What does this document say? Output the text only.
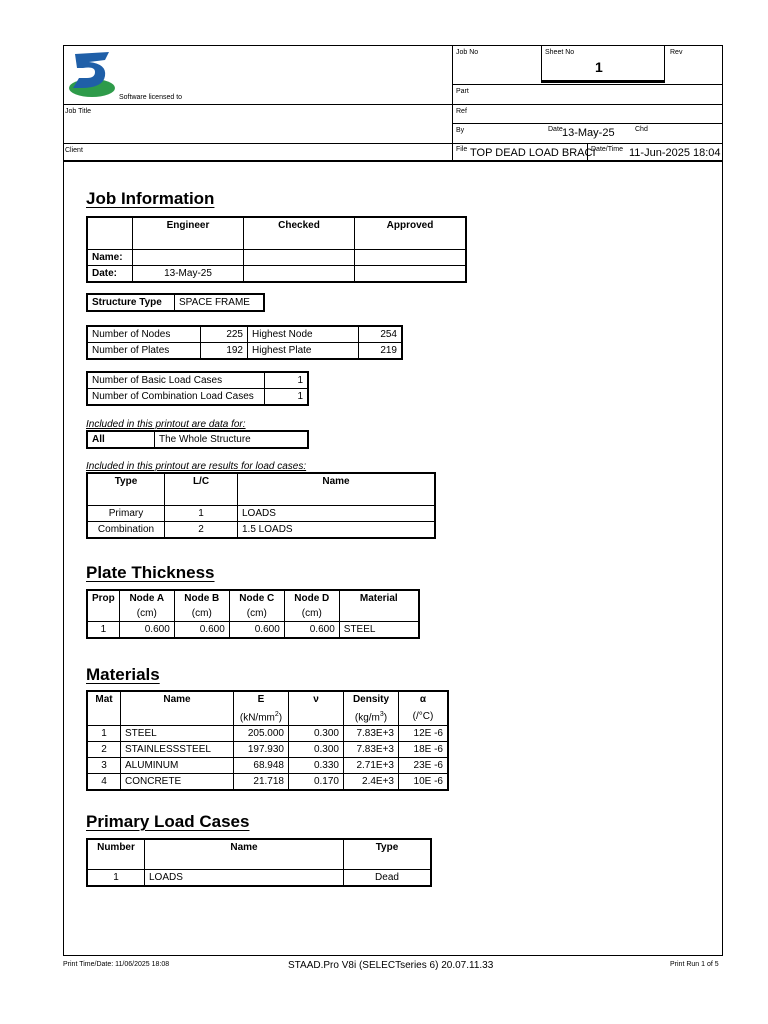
Software licensed to
Job Title
Client
Job No	Sheet No
1
Rev
Part
Ref
By	Date 13-May-25	Chd
File TOP DEAD LOAD BRACI
Date/Time 11-Jun-2025 18:04
Job Information
	Engineer	Checked	Approved
Name:			
Date:	13-May-25		
Structure Type	SPACE FRAME
Number of Nodes	225	Highest Node	254
Number of Plates	192	Highest Plate	219
Number of Basic Load Cases	1
Number of Combination Load Cases	1
Included in this printout are data for:
All	The Whole Structure
Included in this printout are results for load cases:
Type	L/C	Name
Primary	1	LOADS
Combination	2	1.5 LOADS
Plate Thickness
Prop	Node A	Node B	Node C	Node D	Material
	(cm)	(cm)	(cm)	(cm)	
1	0.600	0.600	0.600	0.600	STEEL
Materials
Mat	Name	E	ν	Density	α
		$(kN/mm^2)$		$(kg/m^3)$	(/°C)
1	STEEL	205.000	0.300	7.83E+3	12E -6
2	STAINLESSSTEEL	197.930	0.300	7.83E+3	18E -6
3	ALUMINUM	68.948	0.330	2.71E+3	23E -6
4	CONCRETE	21.718	0.170	2.4E+3	10E -6
Primary Load Cases
Number	Name	Type
1	LOADS	Dead
Print Time/Date: 11/06/2025 18:08	STAAD.Pro V8i (SELECTseries 6) 20.07.11.33	Print Run 1 of 5
